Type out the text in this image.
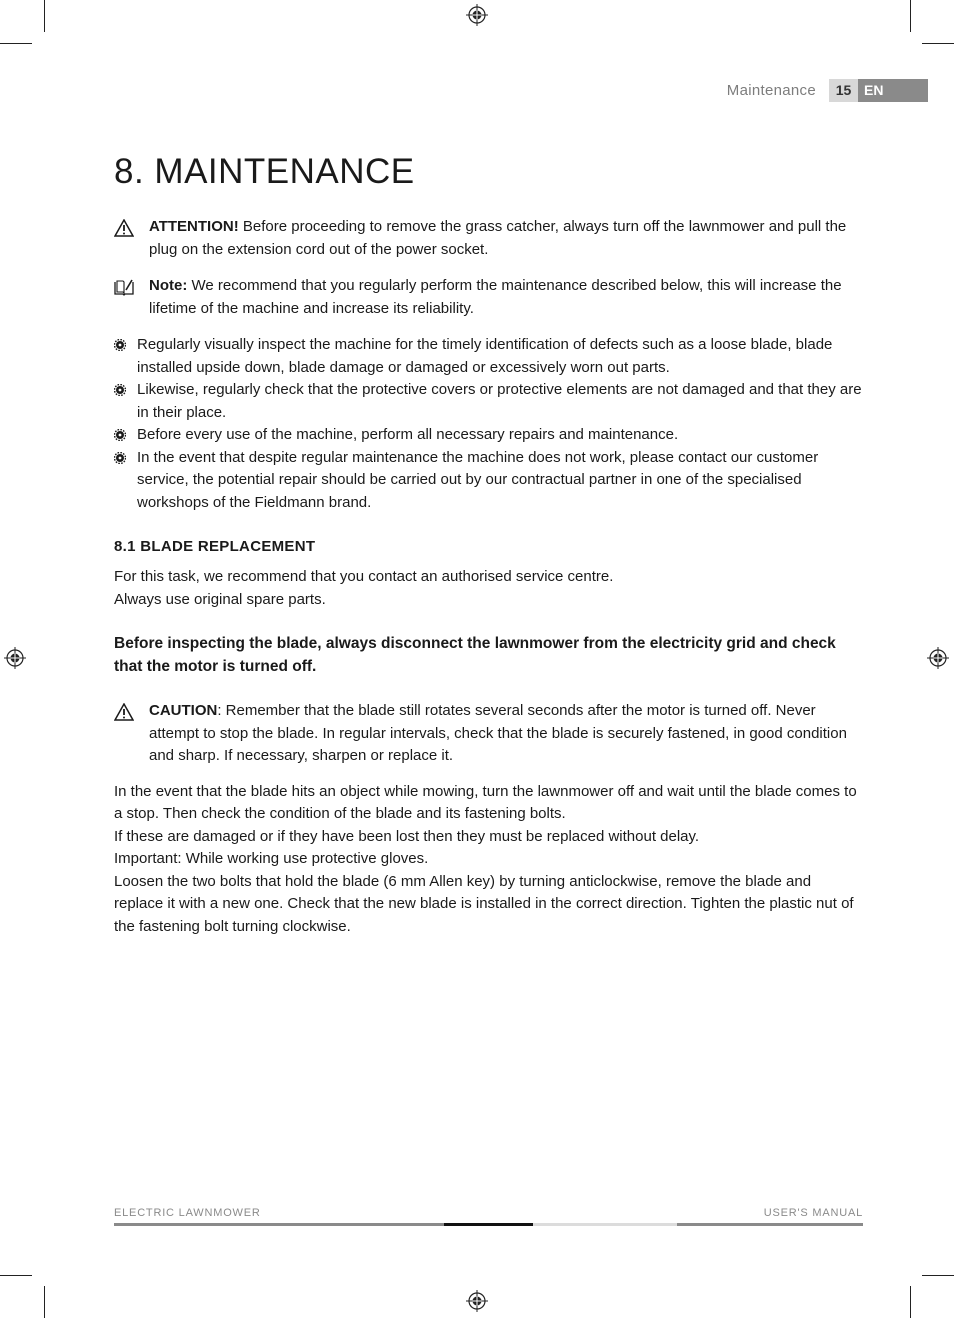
Maintenance	15 EN
8. MAINTENANCE

ATTENTION! Before proceeding to remove the grass catcher, always turn off the lawnmower and pull the plug on the extension cord out of the power socket.

Note: We recommend that you regularly perform the maintenance described below, this will increase the lifetime of the machine and increase its reliability.

Regularly visually inspect the machine for the timely identification of defects such as a loose blade, blade installed upside down, blade damage or damaged or excessively worn out parts.
Likewise, regularly check that the protective covers or protective elements are not damaged and that they are in their place.
Before every use of the machine, perform all necessary repairs and maintenance.
In the event that despite regular maintenance the machine does not work, please contact our customer service, the potential repair should be carried out by our contractual partner in one of the specialised workshops of the Fieldmann brand.
8.1 BLADE REPLACEMENT

For this task, we recommend that you contact an authorised service centre.

Always use original spare parts.

Before inspecting the blade, always disconnect the lawnmower from the electricity grid and check that the motor is turned off.

CAUTION: Remember that the blade still rotates several seconds after the motor is turned off. Never attempt to stop the blade. In regular intervals, check that the blade is securely fastened, in good condition and sharp. If necessary, sharpen or replace it.

In the event that the blade hits an object while mowing, turn the lawnmower off and wait until the blade comes to a stop. Then check the condition of the blade and its fastening bolts.

If these are damaged or if they have been lost then they must be replaced without delay.

Important: While working use protective gloves.

Loosen the two bolts that hold the blade (6 mm Allen key) by turning anticlockwise, remove the blade and replace it with a new one. Check that the new blade is installed in the correct direction. Tighten the plastic nut of the fastening bolt turning clockwise.

ELECTRIC LAWNMOWER	USER'S MANUAL
